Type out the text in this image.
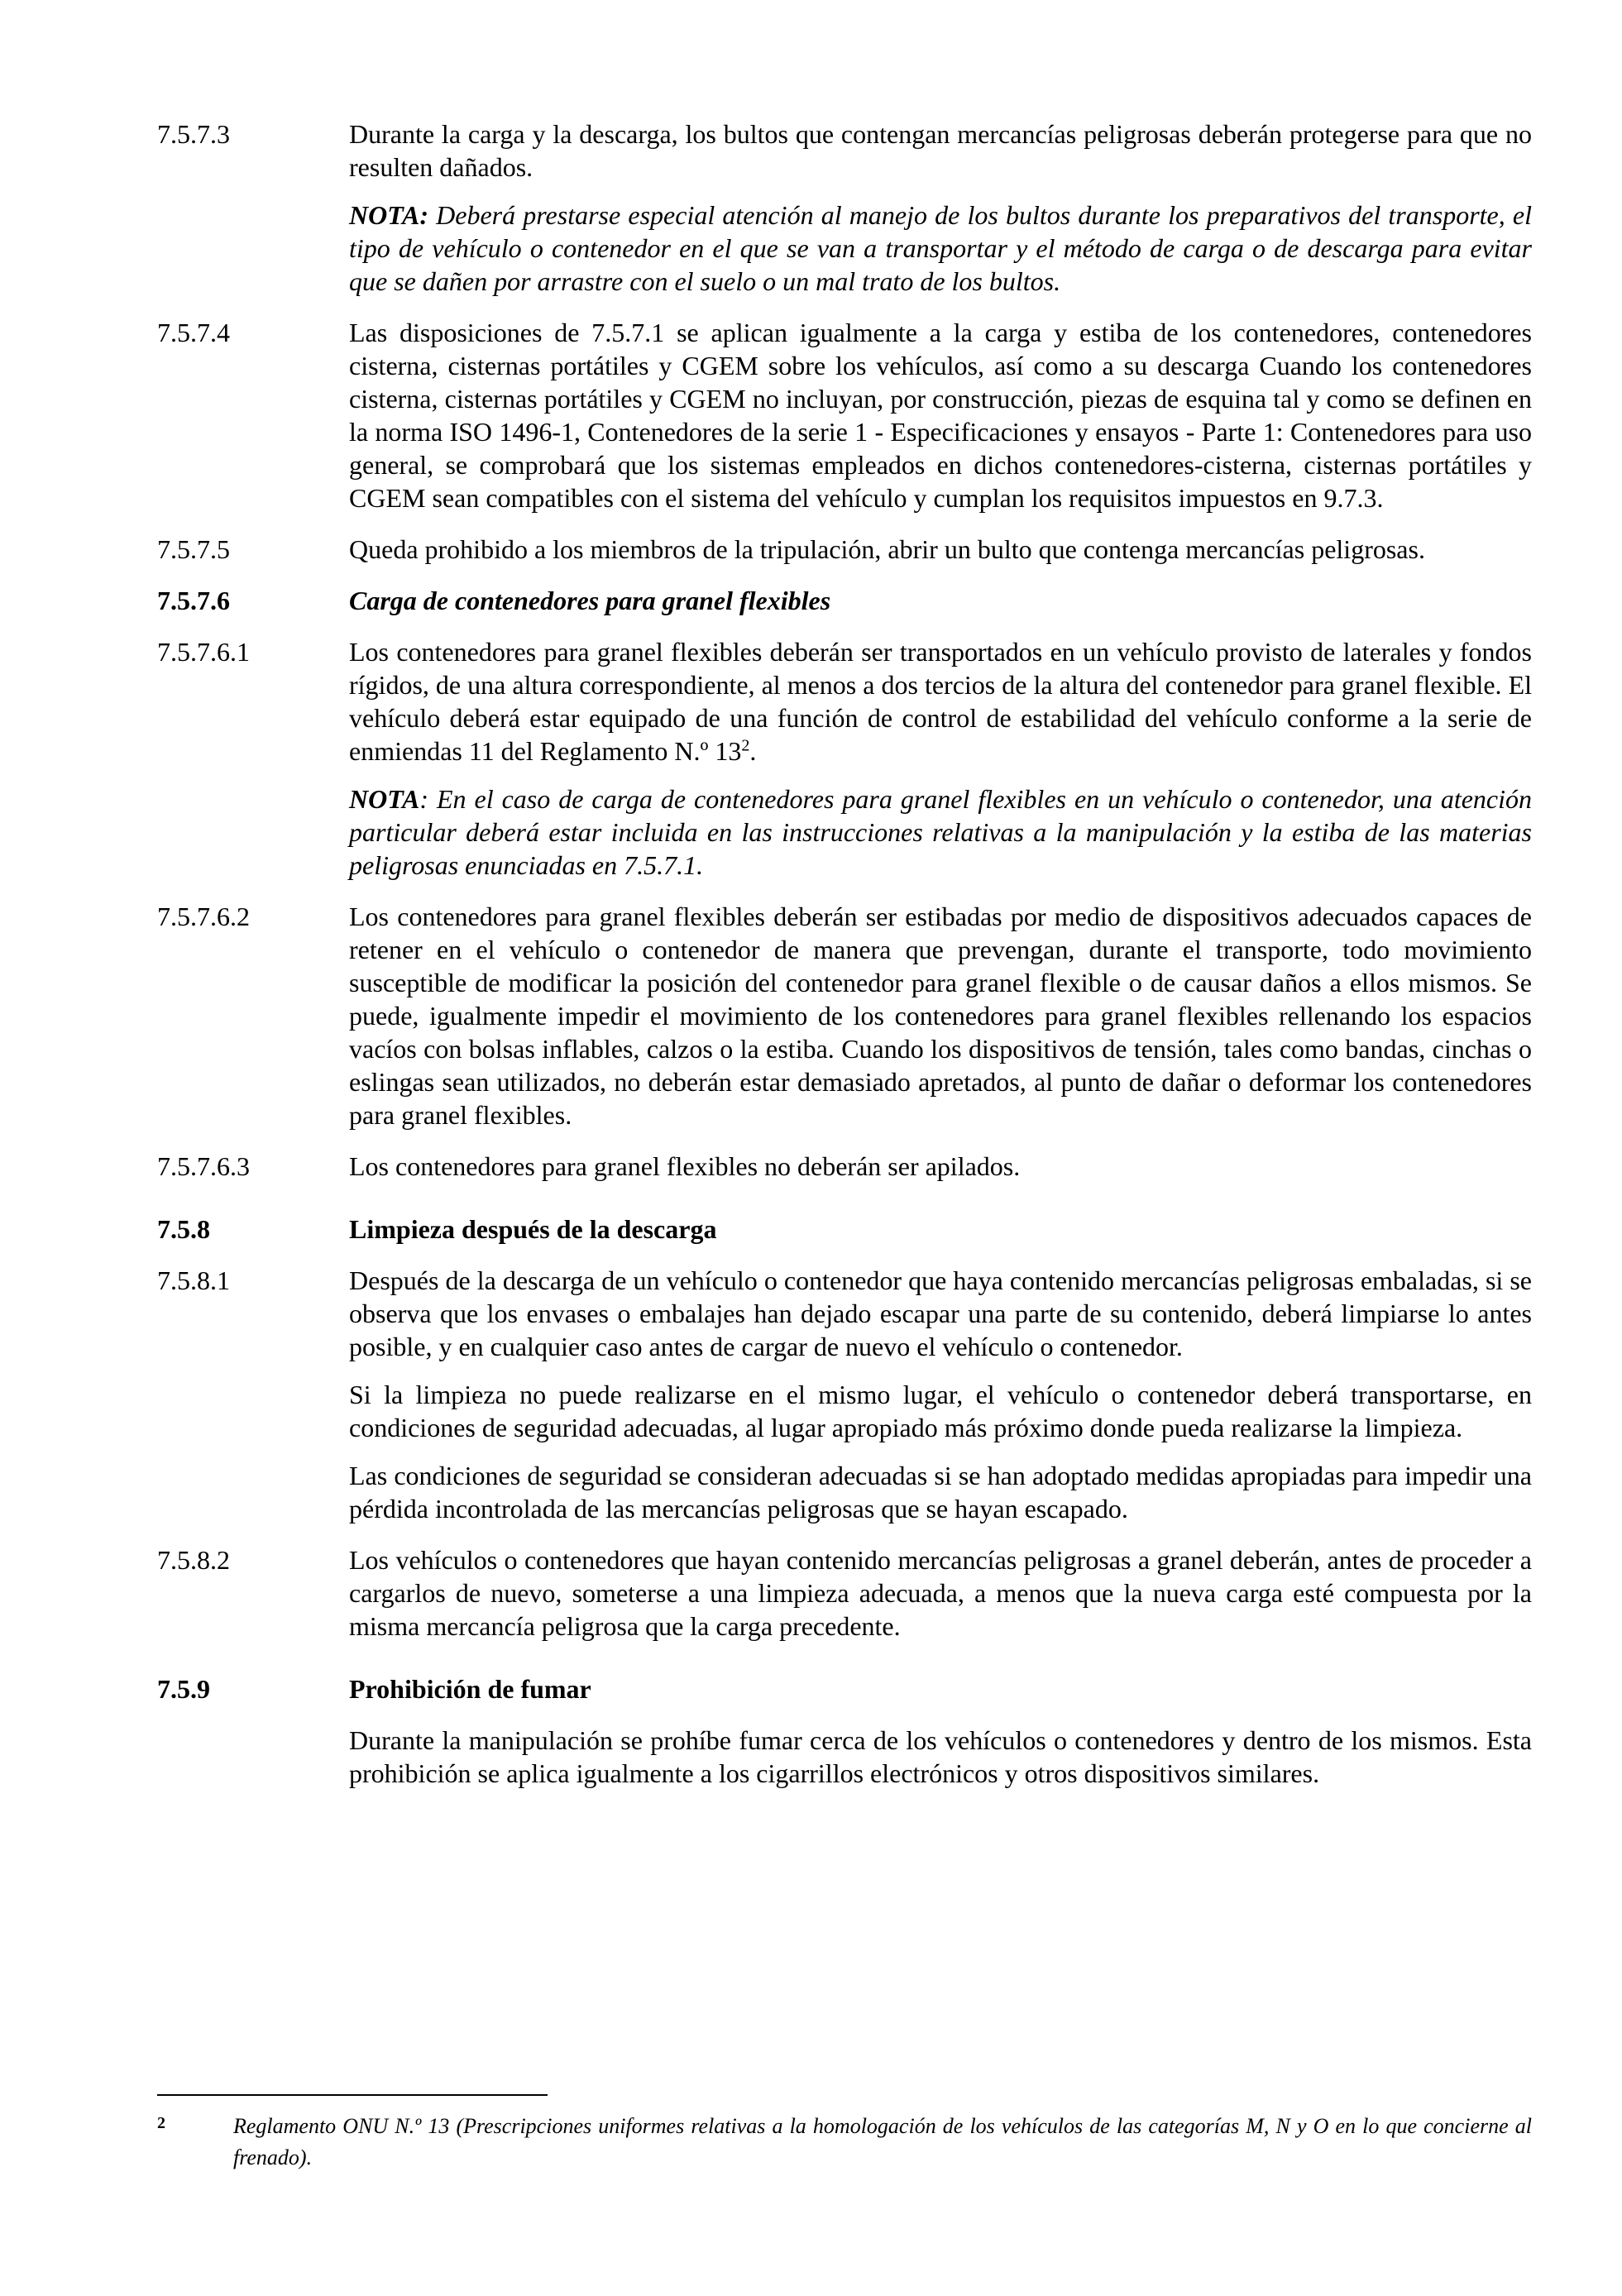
7.5.7.3	Durante la carga y la descarga, los bultos que contengan mercancías peligrosas deberán protegerse para que no resulten dañados.

NOTA: Deberá prestarse especial atención al manejo de los bultos durante los preparativos del transporte, el tipo de vehículo o contenedor en el que se van a transportar y el método de carga o de descarga para evitar que se dañen por arrastre con el suelo o un mal trato de los bultos.

7.5.7.4	Las disposiciones de 7.5.7.1 se aplican igualmente a la carga y estiba de los contenedores, contenedores cisterna, cisternas portátiles y CGEM sobre los vehículos, así como a su descarga Cuando los contenedores cisterna, cisternas portátiles y CGEM no incluyan, por construcción, piezas de esquina tal y como se definen en la norma ISO 1496-1, Contenedores de la serie 1 - Especificaciones y ensayos - Parte 1: Contenedores para uso general, se comprobará que los sistemas empleados en dichos contenedores-cisterna, cisternas portátiles y CGEM sean compatibles con el sistema del vehículo y cumplan los requisitos impuestos en 9.7.3.

7.5.7.5	Queda prohibido a los miembros de la tripulación, abrir un bulto que contenga mercancías peligrosas.

7.5.7.6	Carga de contenedores para granel flexibles
7.5.7.6.1	Los contenedores para granel flexibles deberán ser transportados en un vehículo provisto de laterales y fondos rígidos, de una altura correspondiente, al menos a dos tercios de la altura del contenedor para granel flexible. El vehículo deberá estar equipado de una función de control de estabilidad del vehículo conforme a la serie de enmiendas 11 del Reglamento N.º $13^2$.

NOTA: En el caso de carga de contenedores para granel flexibles en un vehículo o contenedor, una atención particular deberá estar incluida en las instrucciones relativas a la manipulación y la estiba de las materias peligrosas enunciadas en 7.5.7.1.

7.5.7.6.2	Los contenedores para granel flexibles deberán ser estibadas por medio de dispositivos adecuados capaces de retener en el vehículo o contenedor de manera que prevengan, durante el transporte, todo movimiento susceptible de modificar la posición del contenedor para granel flexible o de causar daños a ellos mismos. Se puede, igualmente impedir el movimiento de los contenedores para granel flexibles rellenando los espacios vacíos con bolsas inflables, calzos o la estiba. Cuando los dispositivos de tensión, tales como bandas, cinchas o eslingas sean utilizados, no deberán estar demasiado apretados, al punto de dañar o deformar los contenedores para granel flexibles.

7.5.7.6.3	Los contenedores para granel flexibles no deberán ser apilados.

7.5.8	Limpieza después de la descarga
7.5.8.1	Después de la descarga de un vehículo o contenedor que haya contenido mercancías peligrosas embaladas, si se observa que los envases o embalajes han dejado escapar una parte de su contenido, deberá limpiarse lo antes posible, y en cualquier caso antes de cargar de nuevo el vehículo o contenedor.

Si la limpieza no puede realizarse en el mismo lugar, el vehículo o contenedor deberá transportarse, en condiciones de seguridad adecuadas, al lugar apropiado más próximo donde pueda realizarse la limpieza.

Las condiciones de seguridad se consideran adecuadas si se han adoptado medidas apropiadas para impedir una pérdida incontrolada de las mercancías peligrosas que se hayan escapado.

7.5.8.2	Los vehículos o contenedores que hayan contenido mercancías peligrosas a granel deberán, antes de proceder a cargarlos de nuevo, someterse a una limpieza adecuada, a menos que la nueva carga esté compuesta por la misma mercancía peligrosa que la carga precedente.

7.5.9	Prohibición de fumar

Durante la manipulación se prohíbe fumar cerca de los vehículos o contenedores y dentro de los mismos. Esta prohibición se aplica igualmente a los cigarrillos electrónicos y otros dispositivos similares.

2	Reglamento ONU N.º 13 (Prescripciones uniformes relativas a la homologación de los vehículos de las categorías M, N y O en lo que concierne al frenado).
